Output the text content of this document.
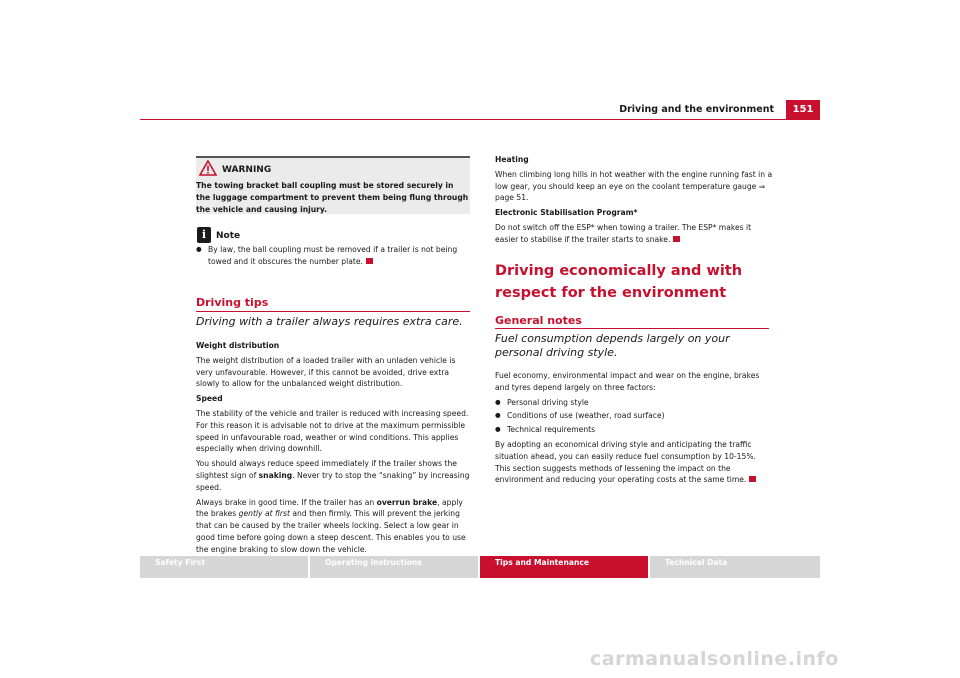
Driving and the environment	151
WARNING
The towing bracket ball coupling must be stored securely in the luggage compartment to prevent them being flung through the vehicle and causing injury.
i
Note
● By law, the ball coupling must be removed if a trailer is not being towed and it obscures the number plate.
Driving tips
Driving with a trailer always requires extra care.

Weight distribution

The weight distribution of a loaded trailer with an unladen vehicle is very unfavourable. However, if this cannot be avoided, drive extra slowly to allow for the unbalanced weight distribution.

Speed

The stability of the vehicle and trailer is reduced with increasing speed. For this reason it is advisable not to drive at the maximum permissible speed in unfavourable road, weather or wind conditions. This applies especially when driving downhill.

You should always reduce speed immediately if the trailer shows the slightest sign of snaking. Never try to stop the “snaking” by increasing speed.

Always brake in good time. If the trailer has an overrun brake, apply the brakes gently at first and then firmly. This will prevent the jerking that can be caused by the trailer wheels locking. Select a low gear in good time before going down a steep descent. This enables you to use the engine braking to slow down the vehicle.

Heating

When climbing long hills in hot weather with the engine running fast in a low gear, you should keep an eye on the coolant temperature gauge ⇒ page 51.

Electronic Stabilisation Program*

Do not switch off the ESP* when towing a trailer. The ESP* makes it easier to stabilise if the trailer starts to snake.

Driving economically and with respect for the environment
General notes
Fuel consumption depends largely on your personal driving style.

Fuel economy, environmental impact and wear on the engine, brakes and tyres depend largely on three factors:

● Personal driving style
● Conditions of use (weather, road surface)
● Technical requirements

By adopting an economical driving style and anticipating the traffic situation ahead, you can easily reduce fuel consumption by 10-15%. This section suggests methods of lessening the impact on the environment and reducing your operating costs at the same time.

Safety First	Operating instructions	Tips and Maintenance	Technical Data
carmanualsonline.info
